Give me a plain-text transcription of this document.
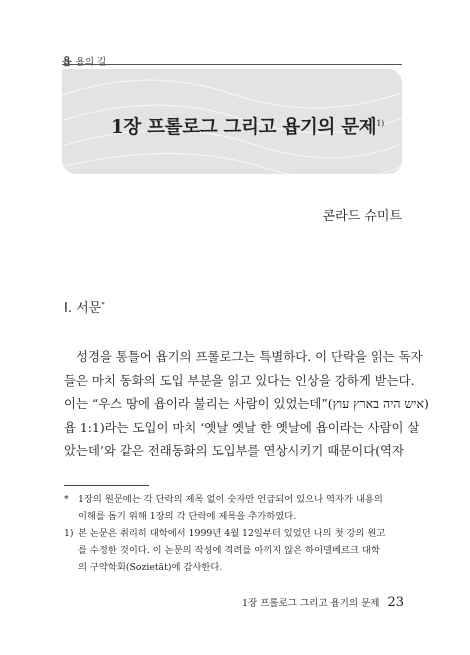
욥 욥의 길
1장 프롤로그 그리고 욥기의 문제$^{1)}$
콘라드 슈미트
Ⅰ. 서문*
성경을 통틀어 욥기의 프롤로그는 특별하다. 이 단락을 읽는 독자
들은 마치 동화의 도입 부분을 읽고 있다는 인상을 강하게 받는다.
이는 “우스 땅에 욥이라 불리는 사람이 있었는데”(איש היה בארץ עוץ)
욥 1:1)라는 도입이 마치 ‘옛날 옛날 한 옛날에 욥이라는 사람이 살
았는데’와 같은 전래동화의 도입부를 연상시키기 때문이다(역자
* 1장의 원문에는 각 단락의 제목 없이 숫자만 언급되어 있으나 역자가 내용의
이해를 돕기 위해 1장의 각 단락에 제목을 추가하였다.
1) 본 논문은 취리히 대학에서 1999년 4월 12일부터 있었던 나의 첫 강의 원고
를 수정한 것이다. 이 논문의 작성에 격려를 아끼지 않은 하이델베르크 대학
의 구약학회(Sozietät)에 감사한다.
1장 프롤로그 그리고 욥기의 문제 23
